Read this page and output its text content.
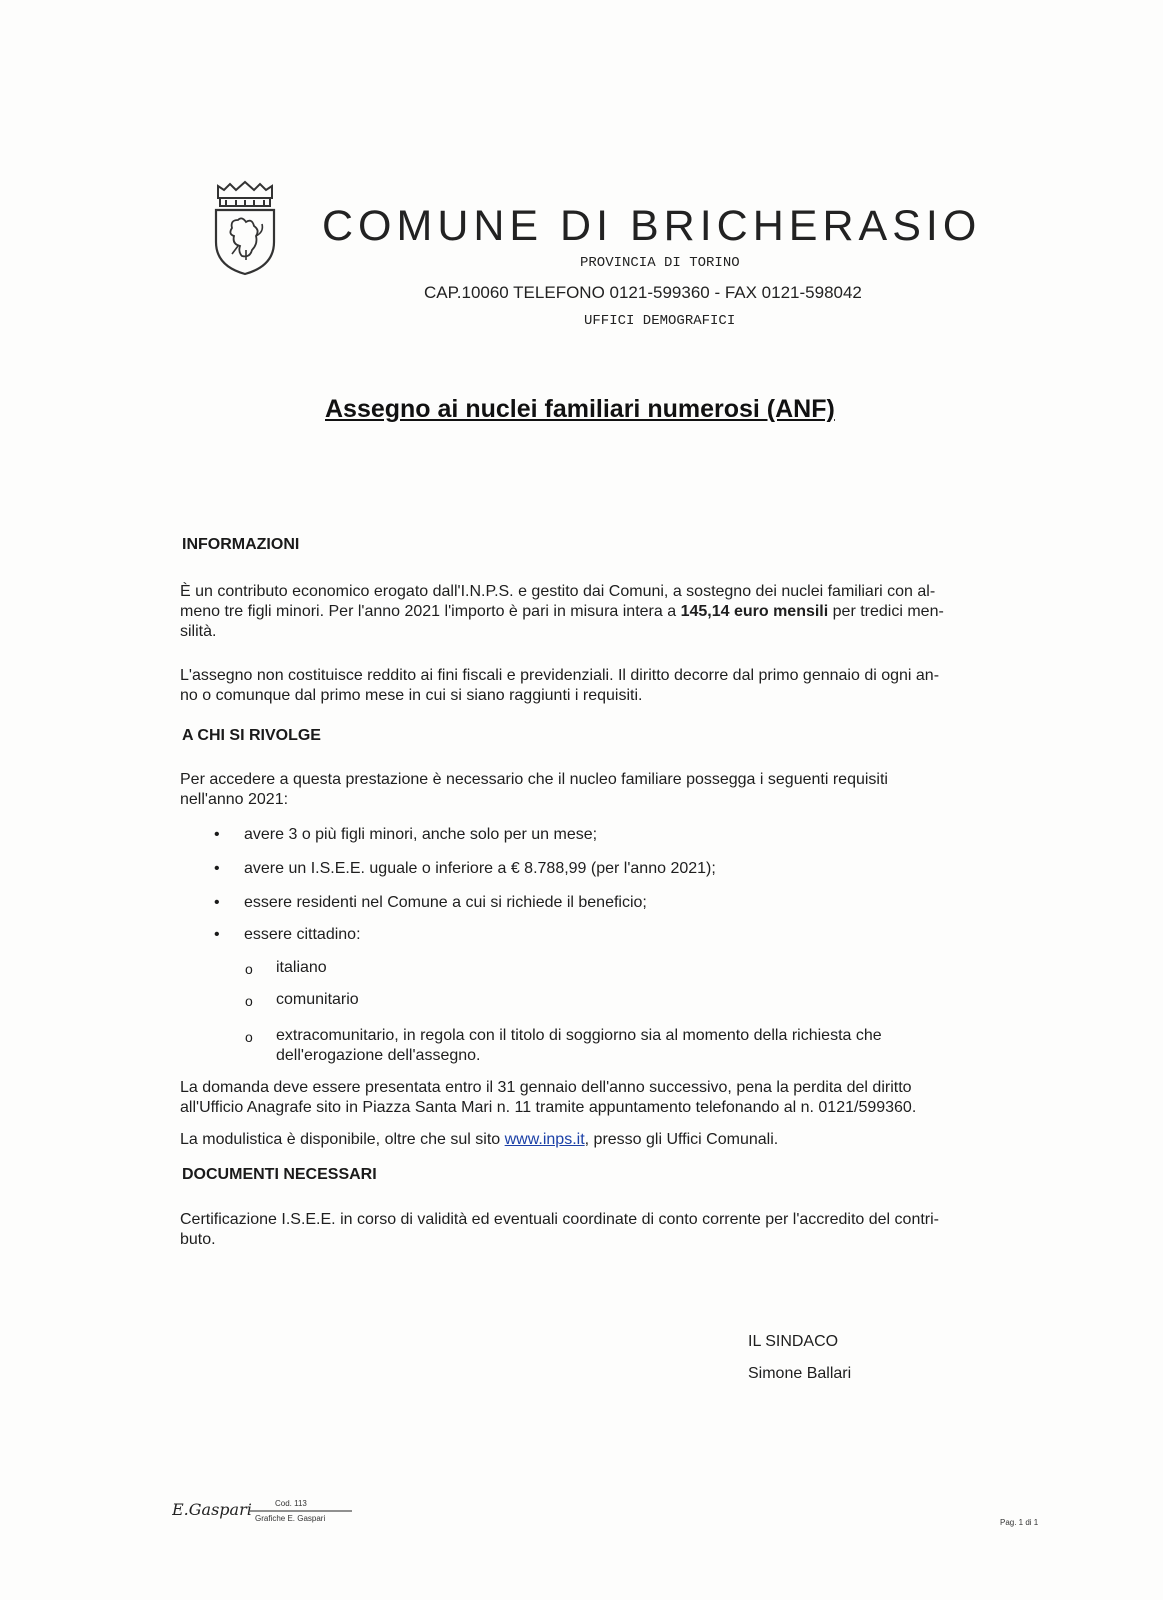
COMUNE DI BRICHERASIO
PROVINCIA DI TORINO
CAP.10060 TELEFONO 0121-599360 - FAX 0121-598042
UFFICI DEMOGRAFICI
Assegno ai nuclei familiari numerosi (ANF)
INFORMAZIONI
È un contributo economico erogato dall'I.N.P.S. e gestito dai Comuni, a sostegno dei nuclei familiari con al-
meno tre figli minori. Per l'anno 2021 l'importo è pari in misura intera a 145,14 euro mensili per tredici men-
silità.
L'assegno non costituisce reddito ai fini fiscali e previdenziali. Il diritto decorre dal primo gennaio di ogni an-
no o comunque dal primo mese in cui si siano raggiunti i requisiti.
A CHI SI RIVOLGE
Per accedere a questa prestazione è necessario che il nucleo familiare possegga i seguenti requisiti
nell'anno 2021:
• avere 3 o più figli minori, anche solo per un mese;
• avere un I.S.E.E. uguale o inferiore a € 8.788,99 (per l'anno 2021);
• essere residenti nel Comune a cui si richiede il beneficio;
• essere cittadino:
o italiano
o comunitario
o extracomunitario, in regola con il titolo di soggiorno sia al momento della richiesta che dell'erogazione dell'assegno.
La domanda deve essere presentata entro il 31 gennaio dell'anno successivo, pena la perdita del diritto
all'Ufficio Anagrafe sito in Piazza Santa Mari n. 11 tramite appuntamento telefonando al n. 0121/599360.
La modulistica è disponibile, oltre che sul sito www.inps.it, presso gli Uffici Comunali.
DOCUMENTI NECESSARI
Certificazione I.S.E.E. in corso di validità ed eventuali coordinate di conto corrente per l'accredito del contri-
buto.
IL SINDACO
Simone Ballari
E.Gaspari	Cod. 113
Grafiche E. Gaspari	Pag. 1 di 1
